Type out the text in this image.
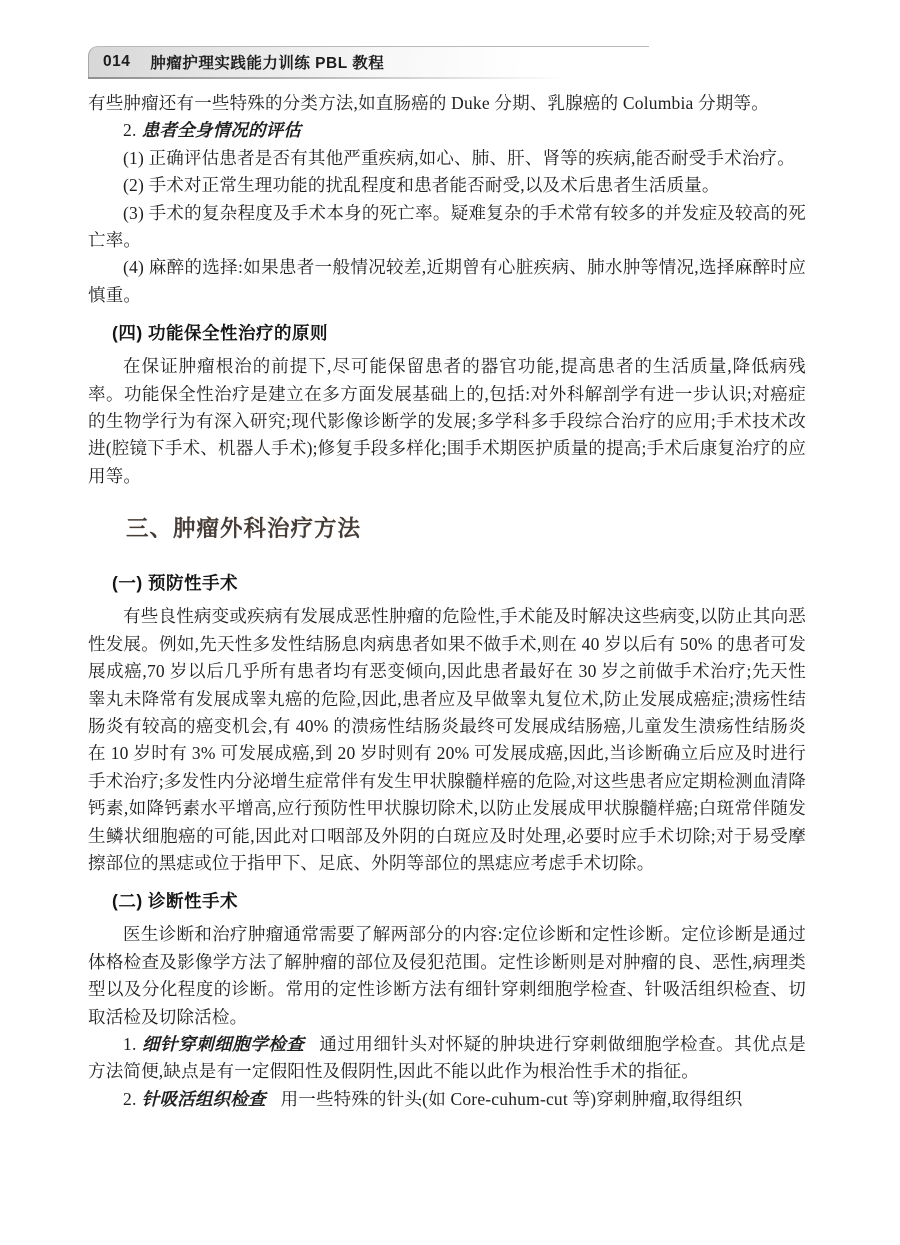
014 肿瘤护理实践能力训练 PBL 教程

有些肿瘤还有一些特殊的分类方法,如直肠癌的 Duke 分期、乳腺癌的 Columbia 分期等。

2. 患者全身情况的评估

(1) 正确评估患者是否有其他严重疾病,如心、肺、肝、肾等的疾病,能否耐受手术治疗。

(2) 手术对正常生理功能的扰乱程度和患者能否耐受,以及术后患者生活质量。

(3) 手术的复杂程度及手术本身的死亡率。疑难复杂的手术常有较多的并发症及较高的死亡率。

(4) 麻醉的选择:如果患者一般情况较差,近期曾有心脏疾病、肺水肿等情况,选择麻醉时应慎重。

(四) 功能保全性治疗的原则

在保证肿瘤根治的前提下,尽可能保留患者的器官功能,提高患者的生活质量,降低病残率。功能保全性治疗是建立在多方面发展基础上的,包括:对外科解剖学有进一步认识;对癌症的生物学行为有深入研究;现代影像诊断学的发展;多学科多手段综合治疗的应用;手术技术改进(腔镜下手术、机器人手术);修复手段多样化;围手术期医护质量的提高;手术后康复治疗的应用等。

三、肿瘤外科治疗方法
(一) 预防性手术

有些良性病变或疾病有发展成恶性肿瘤的危险性,手术能及时解决这些病变,以防止其向恶性发展。例如,先天性多发性结肠息肉病患者如果不做手术,则在 40 岁以后有 50% 的患者可发展成癌,70 岁以后几乎所有患者均有恶变倾向,因此患者最好在 30 岁之前做手术治疗;先天性睾丸未降常有发展成睾丸癌的危险,因此,患者应及早做睾丸复位术,防止发展成癌症;溃疡性结肠炎有较高的癌变机会,有 40% 的溃疡性结肠炎最终可发展成结肠癌,儿童发生溃疡性结肠炎在 10 岁时有 3% 可发展成癌,到 20 岁时则有 20% 可发展成癌,因此,当诊断确立后应及时进行手术治疗;多发性内分泌增生症常伴有发生甲状腺髓样癌的危险,对这些患者应定期检测血清降钙素,如降钙素水平增高,应行预防性甲状腺切除术,以防止发展成甲状腺髓样癌;白斑常伴随发生鳞状细胞癌的可能,因此对口咽部及外阴的白斑应及时处理,必要时应手术切除;对于易受摩擦部位的黑痣或位于指甲下、足底、外阴等部位的黑痣应考虑手术切除。

(二) 诊断性手术

医生诊断和治疗肿瘤通常需要了解两部分的内容:定位诊断和定性诊断。定位诊断是通过体格检查及影像学方法了解肿瘤的部位及侵犯范围。定性诊断则是对肿瘤的良、恶性,病理类型以及分化程度的诊断。常用的定性诊断方法有细针穿刺细胞学检查、针吸活组织检查、切取活检及切除活检。

1. 细针穿刺细胞学检查 通过用细针头对怀疑的肿块进行穿刺做细胞学检查。其优点是方法简便,缺点是有一定假阳性及假阴性,因此不能以此作为根治性手术的指征。

2. 针吸活组织检查 用一些特殊的针头(如 Core-cuhum-cut 等)穿刺肿瘤,取得组织
